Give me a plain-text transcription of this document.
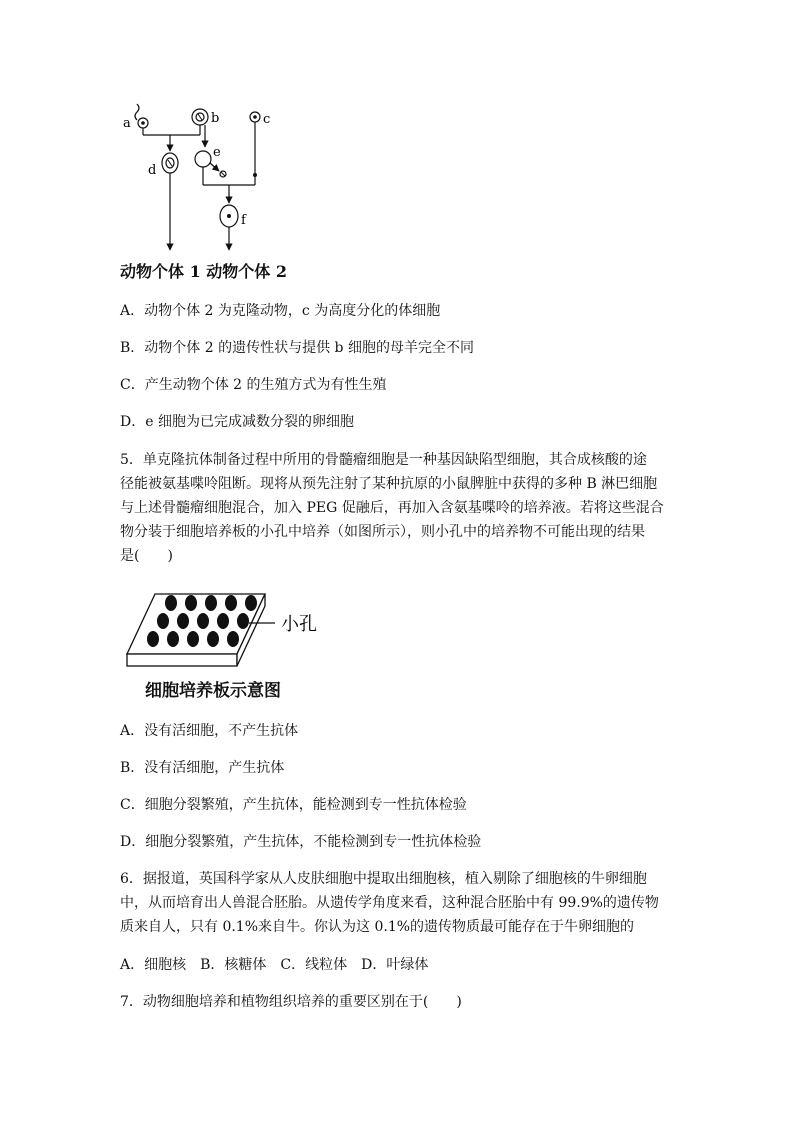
a	b	c
d
e
f
动物个体 1 动物个体 2
A．动物个体 2 为克隆动物，c 为高度分化的体细胞
B．动物个体 2 的遗传性状与提供 b 细胞的母羊完全不同
C．产生动物个体 2 的生殖方式为有性生殖
D．e 细胞为已完成减数分裂的卵细胞
5．单克隆抗体制备过程中所用的骨髓瘤细胞是一种基因缺陷型细胞，其合成核酸的途
径能被氨基喋呤阻断。现将从预先注射了某种抗原的小鼠脾脏中获得的多种 B 淋巴细胞
与上述骨髓瘤细胞混合，加入 PEG 促融后，再加入含氨基喋呤的培养液。若将这些混合
物分装于细胞培养板的小孔中培养（如图所示），则小孔中的培养物不可能出现的结果
是(　　)
小孔
细胞培养板示意图
A．没有活细胞，不产生抗体
B．没有活细胞，产生抗体
C．细胞分裂繁殖，产生抗体，能检测到专一性抗体检验
D．细胞分裂繁殖，产生抗体，不能检测到专一性抗体检验
6．据报道，英国科学家从人皮肤细胞中提取出细胞核，植入剔除了细胞核的牛卵细胞
中，从而培育出人兽混合胚胎。从遗传学角度来看，这种混合胚胎中有 99.9%的遗传物
质来自人，只有 0.1%来自牛。你认为这 0.1%的遗传物质最可能存在于牛卵细胞的
A．细胞核　B．核糖体　C．线粒体　D．叶绿体
7．动物细胞培养和植物组织培养的重要区别在于(　　)
